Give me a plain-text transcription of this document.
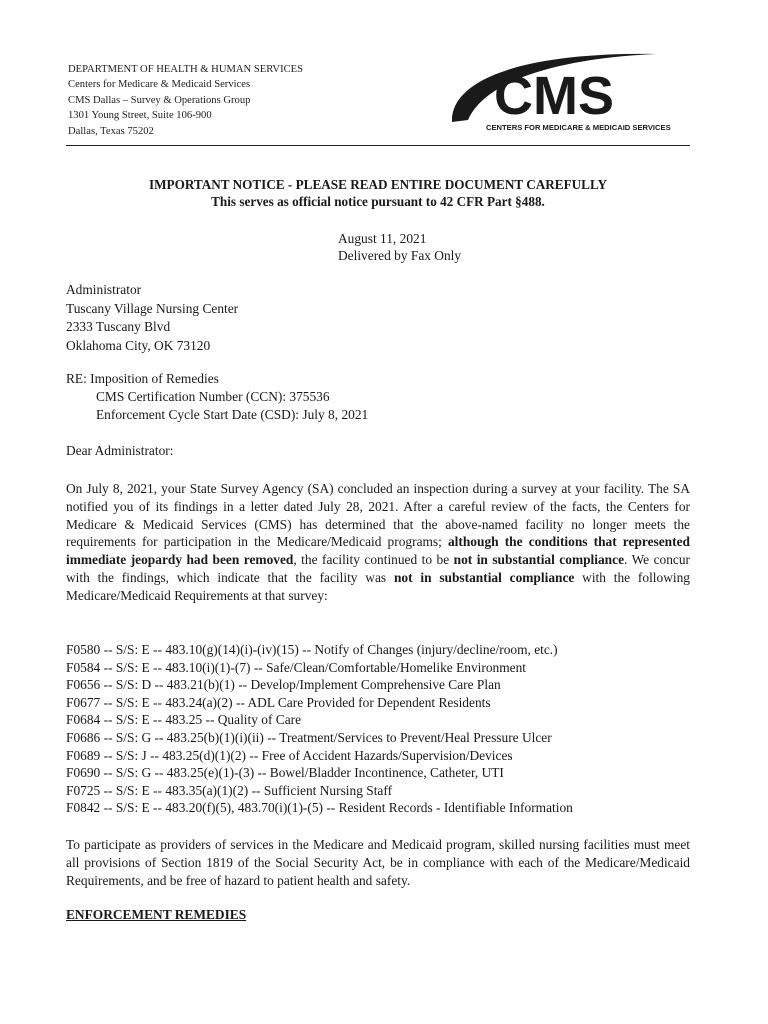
DEPARTMENT OF HEALTH & HUMAN SERVICES
Centers for Medicare & Medicaid Services
CMS Dallas – Survey & Operations Group
1301 Young Street, Suite 106-900
Dallas, Texas 75202
CMS
CENTERS FOR MEDICARE & MEDICAID SERVICES
IMPORTANT NOTICE - PLEASE READ ENTIRE DOCUMENT CAREFULLY
This serves as official notice pursuant to 42 CFR Part §488.
August 11, 2021
Delivered by Fax Only
Administrator
Tuscany Village Nursing Center
2333 Tuscany Blvd
Oklahoma City, OK 73120
RE: Imposition of Remedies
CMS Certification Number (CCN): 375536
Enforcement Cycle Start Date (CSD): July 8, 2021
Dear Administrator:

On July 8, 2021, your State Survey Agency (SA) concluded an inspection during a survey at your facility. The SA notified you of its findings in a letter dated July 28, 2021. After a careful review of the facts, the Centers for Medicare & Medicaid Services (CMS) has determined that the above-named facility no longer meets the requirements for participation in the Medicare/Medicaid programs; although the conditions that represented immediate jeopardy had been removed, the facility continued to be not in substantial compliance. We concur with the findings, which indicate that the facility was not in substantial compliance with the following Medicare/Medicaid Requirements at that survey:

F0580 -- S/S: E -- 483.10(g)(14)(i)-(iv)(15) -- Notify of Changes (injury/decline/room, etc.)
F0584 -- S/S: E -- 483.10(i)(1)-(7) -- Safe/Clean/Comfortable/Homelike Environment
F0656 -- S/S: D -- 483.21(b)(1) -- Develop/Implement Comprehensive Care Plan
F0677 -- S/S: E -- 483.24(a)(2) -- ADL Care Provided for Dependent Residents
F0684 -- S/S: E -- 483.25 -- Quality of Care
F0686 -- S/S: G -- 483.25(b)(1)(i)(ii) -- Treatment/Services to Prevent/Heal Pressure Ulcer
F0689 -- S/S: J -- 483.25(d)(1)(2) -- Free of Accident Hazards/Supervision/Devices
F0690 -- S/S: G -- 483.25(e)(1)-(3) -- Bowel/Bladder Incontinence, Catheter, UTI
F0725 -- S/S: E -- 483.35(a)(1)(2) -- Sufficient Nursing Staff
F0842 -- S/S: E -- 483.20(f)(5), 483.70(i)(1)-(5) -- Resident Records - Identifiable Information

To participate as providers of services in the Medicare and Medicaid program, skilled nursing facilities must meet all provisions of Section 1819 of the Social Security Act, be in compliance with each of the Medicare/Medicaid Requirements, and be free of hazard to patient health and safety.

ENFORCEMENT REMEDIES
